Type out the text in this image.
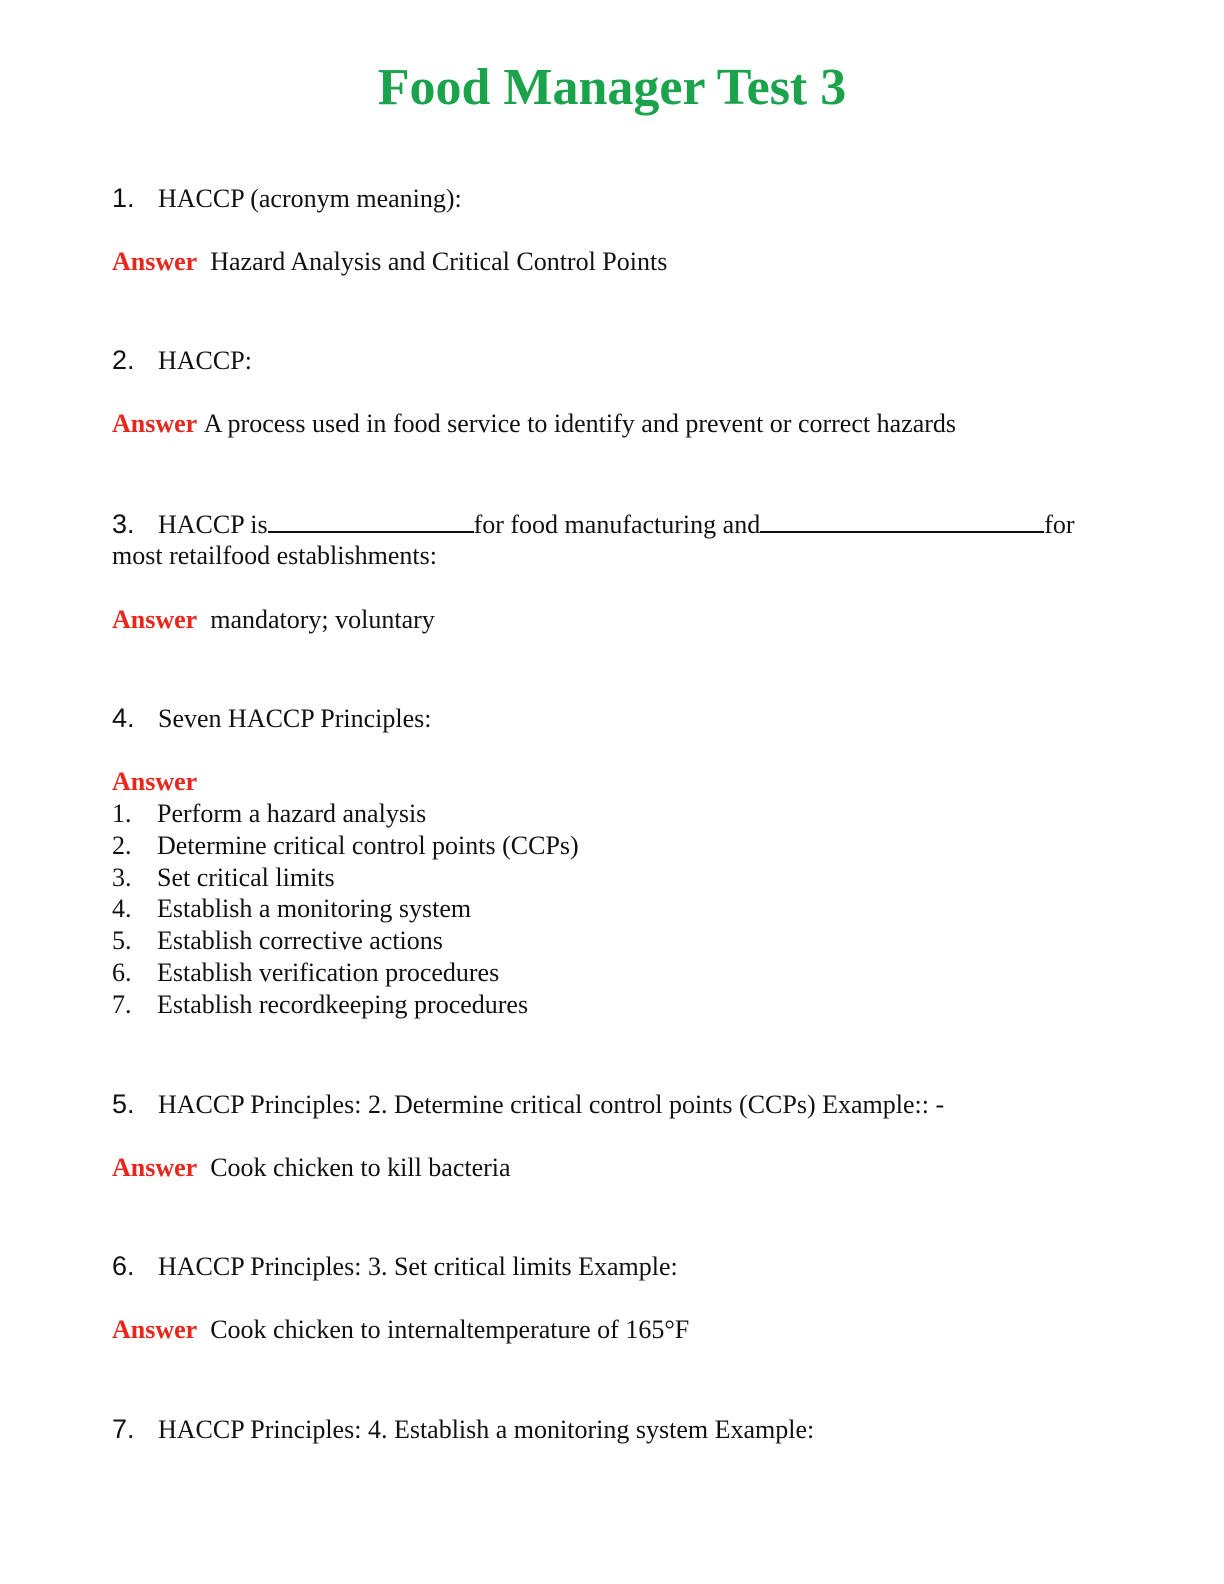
Food Manager Test 3
1. HACCP (acronym meaning):
Answer Hazard Analysis and Critical Control Points
2. HACCP:
Answer A process used in food service to identify and prevent or correct hazards
3. HACCP is	for food manufacturing and	for
most retailfood establishments:
Answer mandatory; voluntary
4. Seven HACCP Principles:
Answer
1. Perform a hazard analysis
2. Determine critical control points (CCPs)
3. Set critical limits
4. Establish a monitoring system
5. Establish corrective actions
6. Establish verification procedures
7. Establish recordkeeping procedures
5. HACCP Principles: 2. Determine critical control points (CCPs) Example:: -
Answer Cook chicken to kill bacteria
6. HACCP Principles: 3. Set critical limits Example:
Answer Cook chicken to internaltemperature of 165°F
7. HACCP Principles: 4. Establish a monitoring system Example:
